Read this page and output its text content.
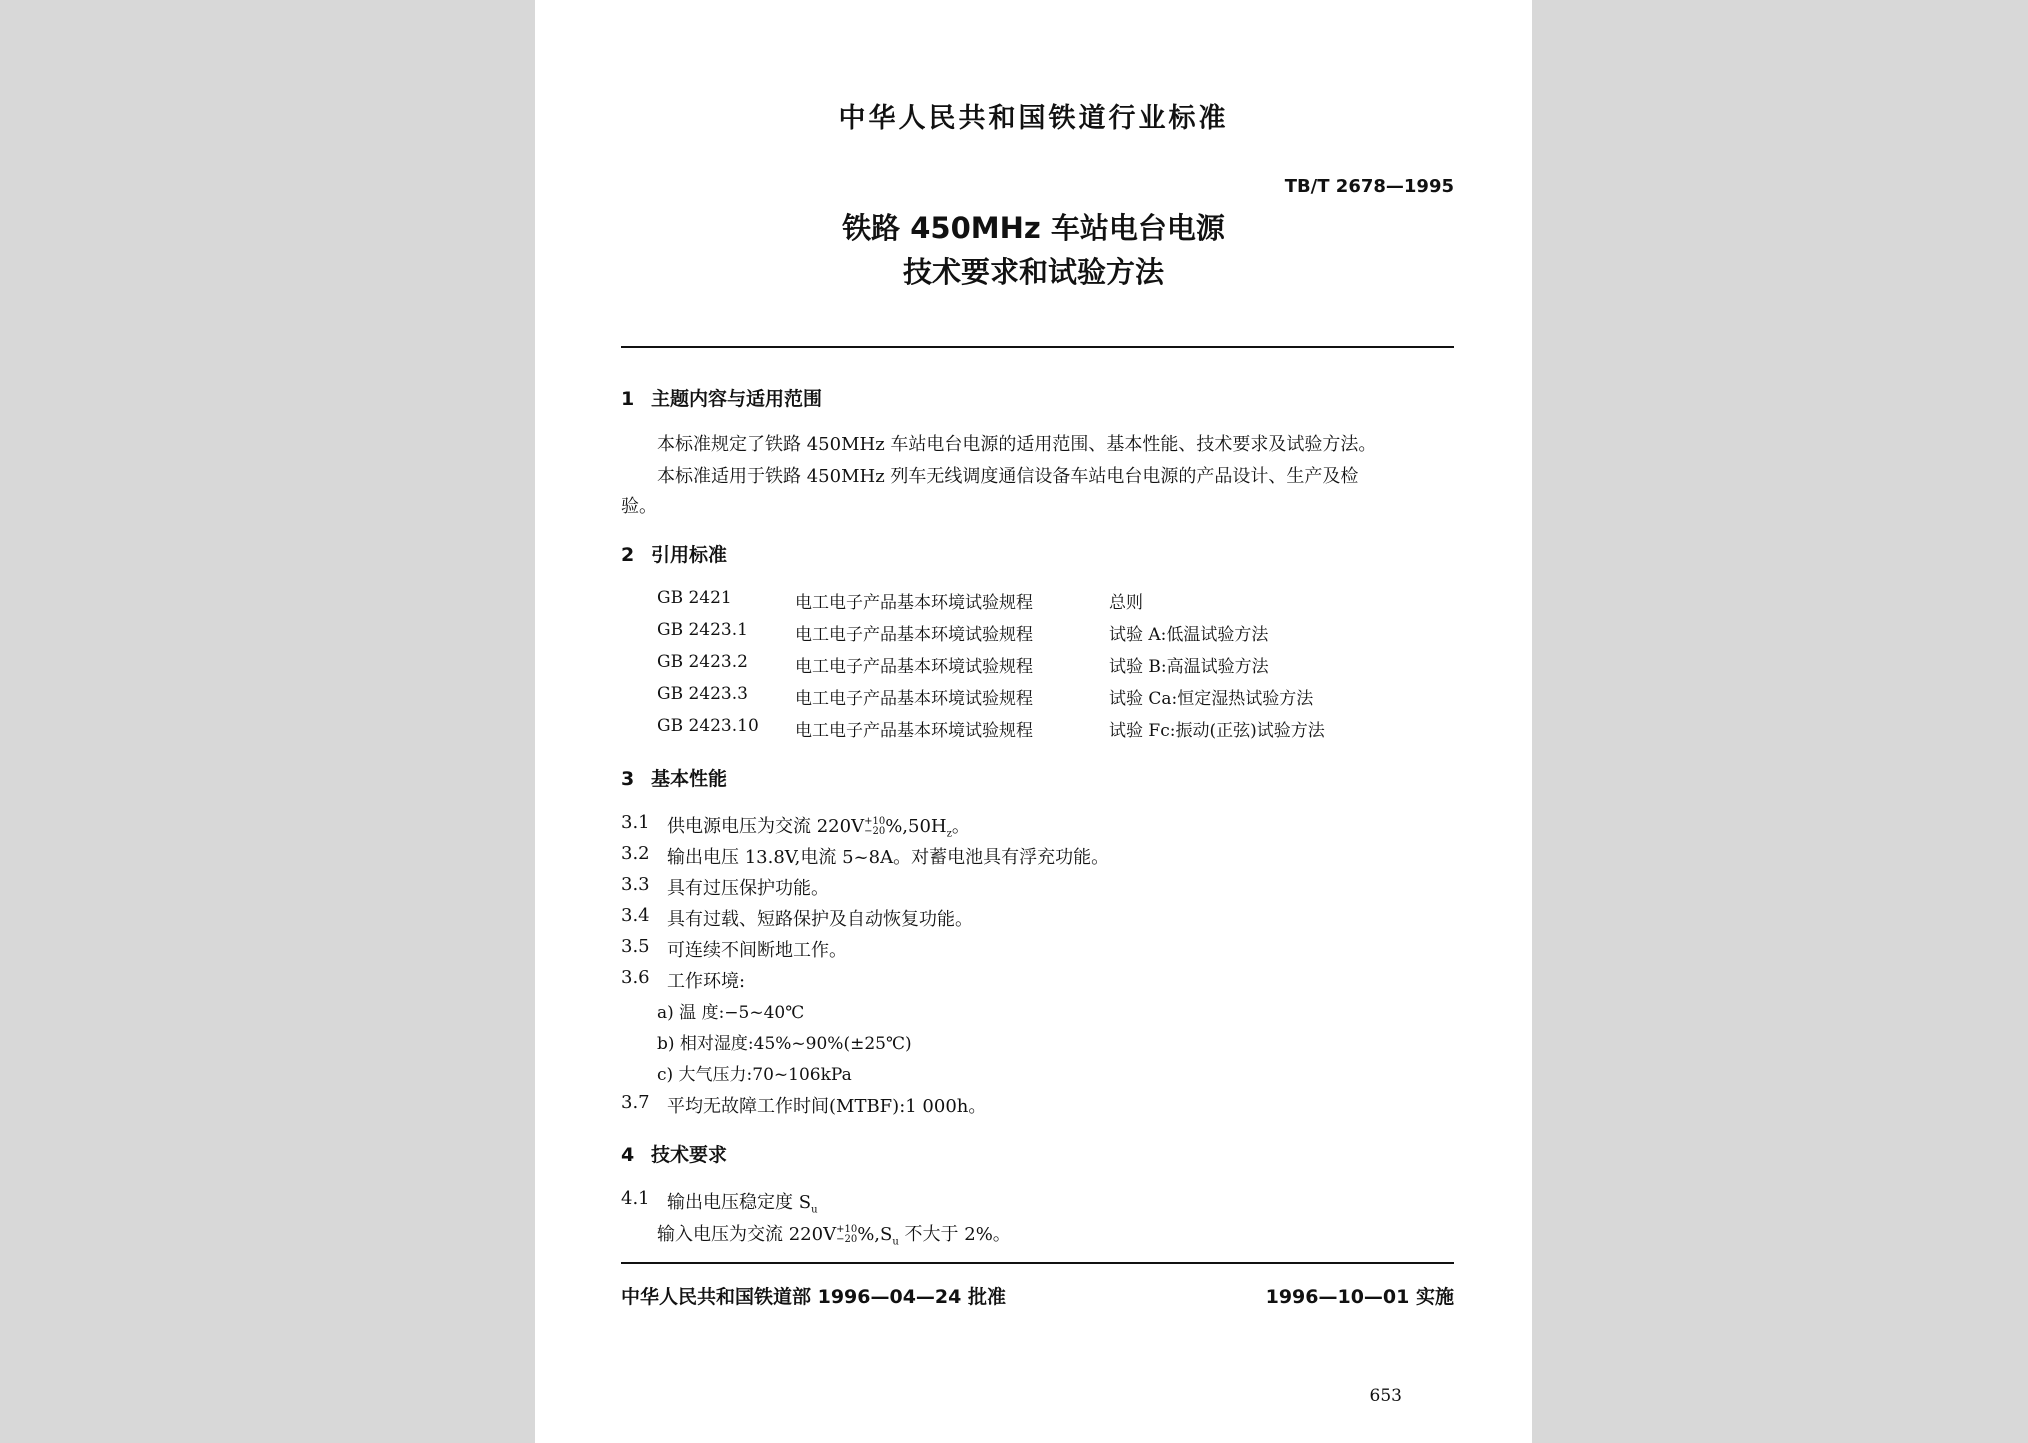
中华人民共和国铁道行业标准
TB/T 2678—1995
铁路 450MHz 车站电台电源
技术要求和试验方法
1 主题内容与适用范围
本标准规定了铁路 450MHz 车站电台电源的适用范围、基本性能、技术要求及试验方法。
本标准适用于铁路 450MHz 列车无线调度通信设备车站电台电源的产品设计、生产及检
验。
2 引用标准
GB 2421	电工电子产品基本环境试验规程	总则
GB 2423.1	电工电子产品基本环境试验规程	试验 A:低温试验方法
GB 2423.2	电工电子产品基本环境试验规程	试验 B:高温试验方法
GB 2423.3	电工电子产品基本环境试验规程	试验 Ca:恒定湿热试验方法
GB 2423.10 电工电子产品基本环境试验规程	试验 Fc:振动(正弦)试验方法
3 基本性能
3.1 供电源电压为交流 220V +10
−20 $\%,50H_z$。
3.2 输出电压 13.8V,电流 5~8A。对蓄电池具有浮充功能。
3.3 具有过压保护功能。
3.4 具有过载、短路保护及自动恢复功能。
3.5 可连续不间断地工作。
3.6 工作环境:
a) 温 度:−5~40℃
b) 相对湿度:45%~90%(±25℃)
c) 大气压力:70~106kPa
3.7 平均无故障工作时间(MTBF):1 000h。
4 技术要求
4.1 输出电压稳定度 $S_u$
输入电压为交流 220V +10
−20 $\%,S_u$ 不大于 2%。
中华人民共和国铁道部 1996—04—24 批准	1996—10—01 实施
653
